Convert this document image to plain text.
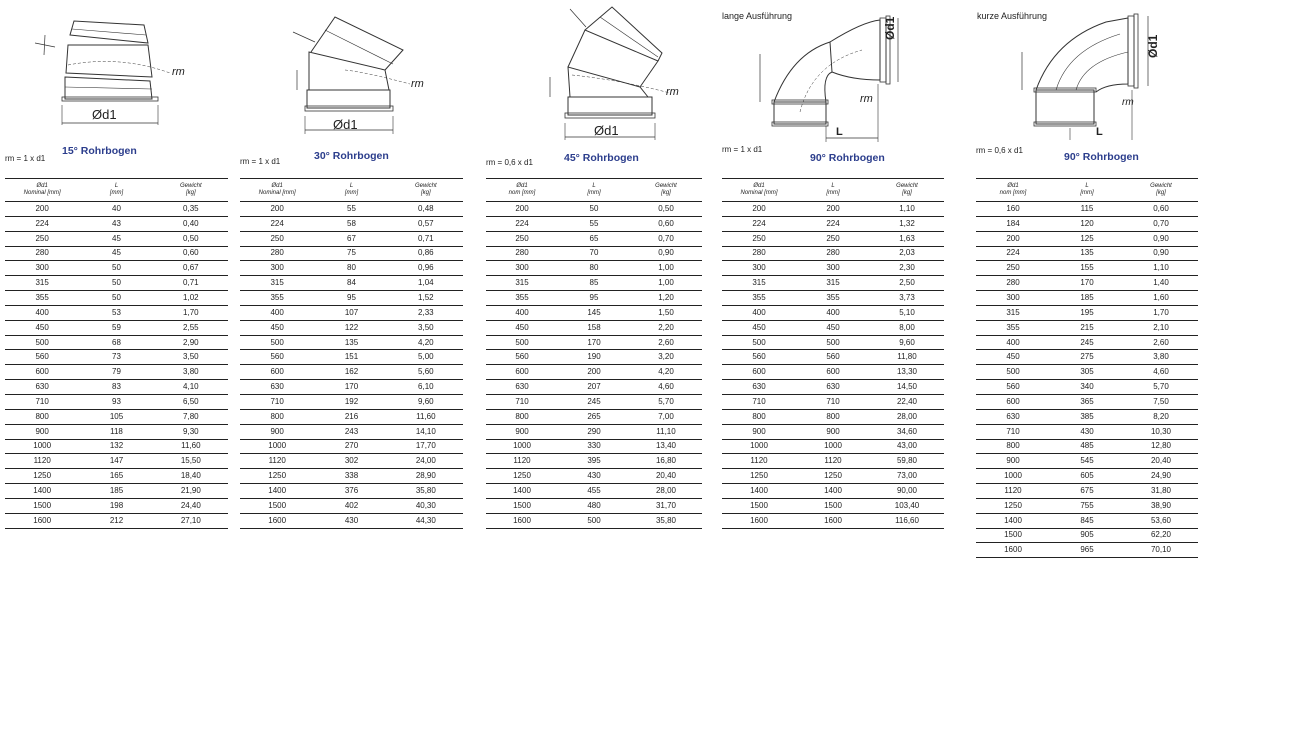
Ød1
rm
rm = 1 x d1
15° Rohrbogen
Ød1
Nominal [mm]	L
[mm]	Gewicht
[kg]

200	40	0,35
224	43	0,40
250	45	0,50
280	45	0,60
300	50	0,67
315	50	0,71
355	50	1,02
400	53	1,70
450	59	2,55
500	68	2,90
560	73	3,50
600	79	3,80
630	83	4,10
710	93	6,50
800	105	7,80
900	118	9,30
1000	132	11,60
1120	147	15,50
1250	165	18,40
1400	185	21,90
1500	198	24,40
1600	212	27,10
Ød1
rm
rm = 1 x d1	30° Rohrbogen
Ød1
Nominal [mm]	L
[mm]	Gewicht
[kg]

200	55	0,48
224	58	0,57
250	67	0,71
280	75	0,86
300	80	0,96
315	84	1,04
355	95	1,52
400	107	2,33
450	122	3,50
500	135	4,20
560	151	5,00
600	162	5,60
630	170	6,10
710	192	9,60
800	216	11,60
900	243	14,10
1000	270	17,70
1120	302	24,00
1250	338	28,90
1400	376	35,80
1500	402	40,30
1600	430	44,30
Ød1
rm
rm = 0,6 x d1	45° Rohrbogen
Ød1
nom [mm]	L
[mm]	Gewicht
[kg]

200	50	0,50
224	55	0,60
250	65	0,70
280	70	0,90
300	80	1,00
315	85	1,00
355	95	1,20
400	145	1,50
450	158	2,20
500	170	2,60
560	190	3,20
600	200	4,20
630	207	4,60
710	245	5,70
800	265	7,00
900	290	11,10
1000	330	13,40
1120	395	16,80
1250	430	20,40
1400	455	28,00
1500	480	31,70
1600	500	35,80
lange Ausführung
Ød1
rm
L
rm = 1 x d1
90° Rohrbogen
Ød1
Nominal [mm]	L
[mm]	Gewicht
[kg]

200	200	1,10
224	224	1,32
250	250	1,63
280	280	2,03
300	300	2,30
315	315	2,50
355	355	3,73
400	400	5,10
450	450	8,00
500	500	9,60
560	560	11,80
600	600	13,30
630	630	14,50
710	710	22,40
800	800	28,00
900	900	34,60
1000	1000	43,00
1120	1120	59,80
1250	1250	73,00
1400	1400	90,00
1500	1500	103,40
1600	1600	116,60
kurze Ausführung
Ød1
rm
L
rm = 0,6 x d1
90° Rohrbogen
Ød1
nom [mm]	L
[mm]	Gewicht
[kg]

160	115	0,60
184	120	0,70
200	125	0,90
224	135	0,90
250	155	1,10
280	170	1,40
300	185	1,60
315	195	1,70
355	215	2,10
400	245	2,60
450	275	3,80
500	305	4,60
560	340	5,70
600	365	7,50
630	385	8,20
710	430	10,30
800	485	12,80
900	545	20,40
1000	605	24,90
1120	675	31,80
1250	755	38,90
1400	845	53,60
1500	905	62,20
1600	965	70,10
